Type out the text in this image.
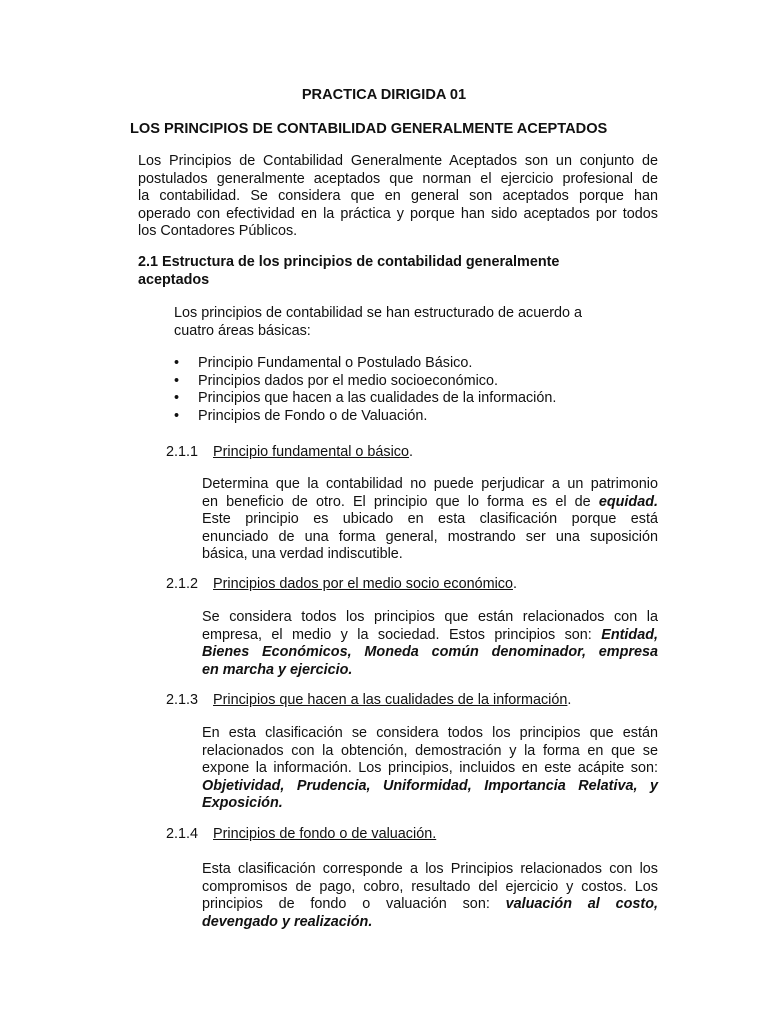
PRACTICA DIRIGIDA 01
LOS PRINCIPIOS DE CONTABILIDAD GENERALMENTE ACEPTADOS
Los Principios de Contabilidad Generalmente Aceptados son un conjunto de
postulados generalmente aceptados que norman el ejercicio profesional de
la contabilidad. Se considera que en general son aceptados porque han
operado con efectividad en la práctica y porque han sido aceptados por todos
los Contadores Públicos.
2.1 Estructura de los principios de contabilidad generalmente
aceptados
Los principios de contabilidad se han estructurado de acuerdo a
cuatro áreas básicas:
• Principio Fundamental o Postulado Básico.
• Principios dados por el medio socioeconómico.
• Principios que hacen a las cualidades de la información.
• Principios de Fondo o de Valuación.
2.1.1 Principio fundamental o básico.
Determina que la contabilidad no puede perjudicar a un patrimonio
en beneficio de otro. El principio que lo forma es el de equidad.
Este principio es ubicado en esta clasificación porque está
enunciado de una forma general, mostrando ser una suposición
básica, una verdad indiscutible.
2.1.2 Principios dados por el medio socio económico.
Se considera todos los principios que están relacionados con la
empresa, el medio y la sociedad. Estos principios son: Entidad,
Bienes Económicos, Moneda común denominador, empresa
en marcha y ejercicio.
2.1.3 Principios que hacen a las cualidades de la información.
En esta clasificación se considera todos los principios que están
relacionados con la obtención, demostración y la forma en que se
expone la información. Los principios, incluidos en este acápite son:
Objetividad, Prudencia, Uniformidad, Importancia Relativa, y
Exposición.
2.1.4 Principios de fondo o de valuación.
Esta clasificación corresponde a los Principios relacionados con los
compromisos de pago, cobro, resultado del ejercicio y costos. Los
principios de fondo o valuación son: valuación al costo,
devengado y realización.
